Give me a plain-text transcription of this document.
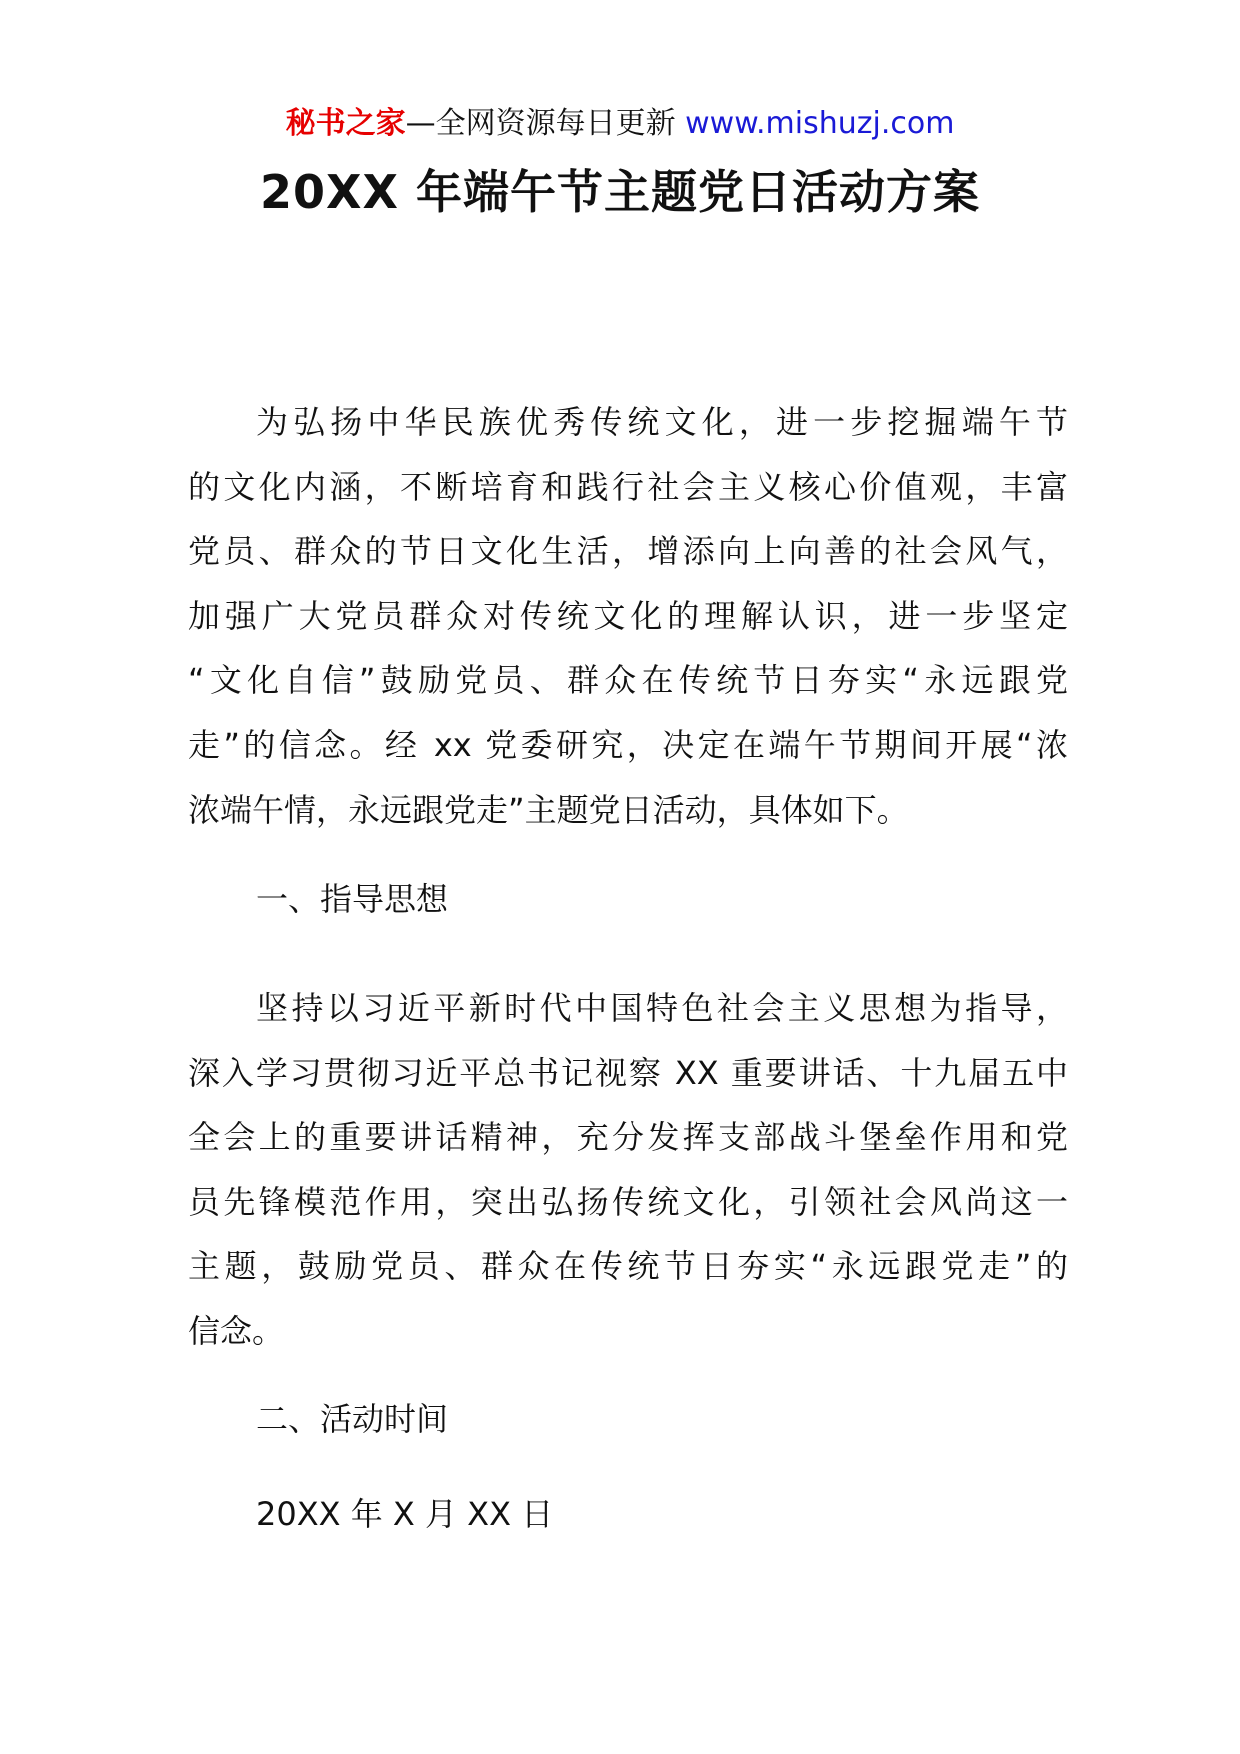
秘书之家—全网资源每日更新 www.mishuzj.com
20XX 年端午节主题党日活动方案
为弘扬中华民族优秀传统文化，进一步挖掘端午节
的文化内涵，不断培育和践行社会主义核心价值观，丰富
党员、群众的节日文化生活，增添向上向善的社会风气，
加强广大党员群众对传统文化的理解认识，进一步坚定
“文化自信”鼓励党员、群众在传统节日夯实“永远跟党
走”的信念。经 xx 党委研究，决定在端午节期间开展“浓
浓端午情，永远跟党走”主题党日活动，具体如下。
一、指导思想
坚持以习近平新时代中国特色社会主义思想为指导，
深入学习贯彻习近平总书记视察 XX 重要讲话、十九届五中
全会上的重要讲话精神，充分发挥支部战斗堡垒作用和党
员先锋模范作用，突出弘扬传统文化，引领社会风尚这一
主题，鼓励党员、群众在传统节日夯实“永远跟党走”的
信念。
二、活动时间
20XX 年 X 月 XX 日
